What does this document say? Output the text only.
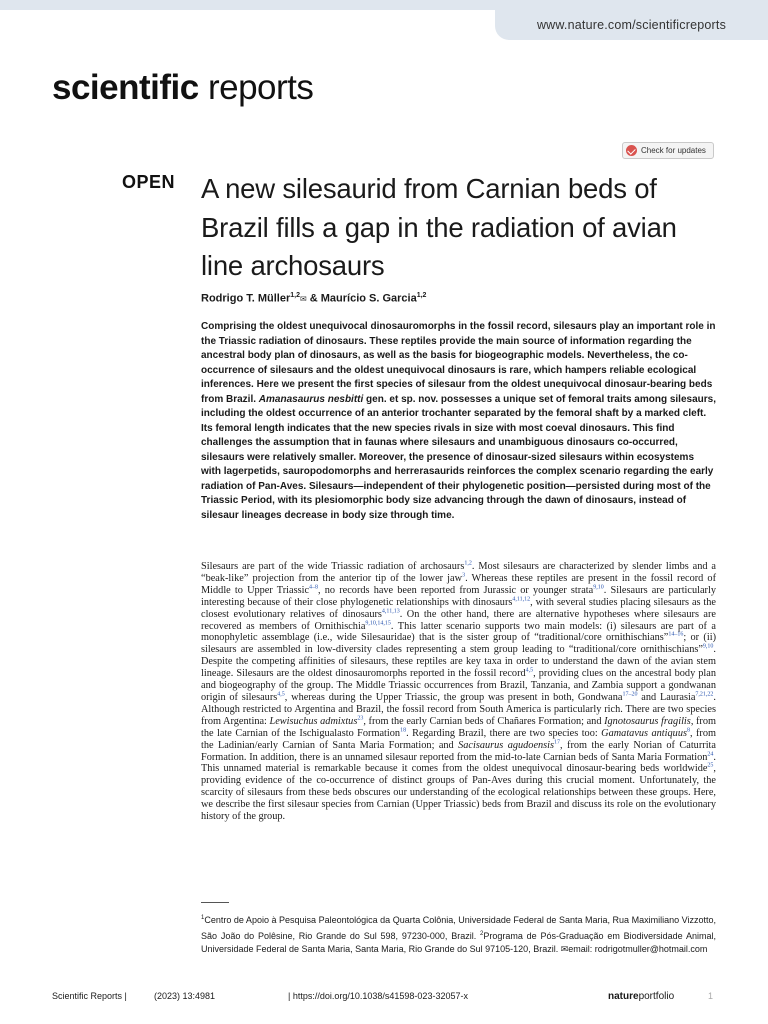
www.nature.com/scientificreports
scientific reports
Check for updates
OPEN A new silesaurid from Carnian beds of Brazil fills a gap in the radiation of avian line archosaurs
Rodrigo T. Müller$^{1,2}$✉ & Maurício S. Garcia$^{1,2}$

Comprising the oldest unequivocal dinosauromorphs in the fossil record, silesaurs play an important role in the Triassic radiation of dinosaurs. These reptiles provide the main source of information regarding the ancestral body plan of dinosaurs, as well as the basis for biogeographic models. Nevertheless, the co-occurrence of silesaurs and the oldest unequivocal dinosaurs is rare, which hampers reliable ecological inferences. Here we present the first species of silesaur from the oldest unequivocal dinosaur-bearing beds from Brazil. Amanasaurus nesbitti gen. et sp. nov. possesses a unique set of femoral traits among silesaurs, including the oldest occurrence of an anterior trochanter separated by the femoral shaft by a marked cleft. Its femoral length indicates that the new species rivals in size with most coeval dinosaurs. This find challenges the assumption that in faunas where silesaurs and unambiguous dinosaurs co-occurred, silesaurs were relatively smaller. Moreover, the presence of dinosaur-sized silesaurs within ecosystems with lagerpetids, sauropodomorphs and herrerasaurids reinforces the complex scenario regarding the early radiation of Pan-Aves. Silesaurs—independent of their phylogenetic position—persisted during most of the Triassic Period, with its plesiomorphic body size advancing through the dawn of dinosaurs, instead of silesaur lineages decrease in body size through time.

Silesaurs are part of the wide Triassic radiation of archosaurs$^{1,2}$. Most silesaurs are characterized by slender limbs and a “beak-like” projection from the anterior tip of the lower jaw$^3$. Whereas these reptiles are present in the fossil record of Middle to Upper Triassic$^{4-8}$, no records have been reported from Jurassic or younger strata$^{9,10}$. Silesaurs are particularly interesting because of their close phylogenetic relationships with dinosaurs$^{4,11,12}$, with several studies placing silesaurs as the closest evolutionary relatives of dinosaurs$^{4,11,13}$. On the other hand, there are alternative hypotheses where silesaurs are recovered as members of Ornithischia$^{9,10,14,15}$. This latter scenario supports two main models: (i) silesaurs are part of a monophyletic assemblage (i.e., wide Silesauridae) that is the sister group of “traditional/core ornithischians”$^{14-16}$; or (ii) silesaurs are assembled in low-diversity clades representing a stem group leading to “traditional/core ornithischians”$^{9,10}$. Despite the competing affinities of silesaurs, these reptiles are key taxa in order to understand the dawn of the avian stem lineage. Silesaurs are the oldest dinosauromorphs reported in the fossil record$^{4,5}$, providing clues on the ancestral body plan and biogeography of the group. The Middle Triassic occurrences from Brazil, Tanzania, and Zambia support a gondwanan origin of silesaurs$^{4,5}$, whereas during the Upper Triassic, the group was present in both, Gondwana$^{17-20}$ and Laurasia$^{7,21,22}$. Although restricted to Argentina and Brazil, the fossil record from South America is particularly rich. There are two species from Argentina: Lewisuchus admixtus$^{23}$, from the early Carnian beds of Chañares Formation; and Ignotosaurus fragilis, from the late Carnian of the Ischigualasto Formation$^{18}$. Regarding Brazil, there are two species too: Gamatavus antiquus$^8$, from the Ladinian/early Carnian of Santa Maria Formation; and Sacisaurus agudoensis$^{17}$, from the early Norian of Caturrita Formation. In addition, there is an unnamed silesaur reported from the mid-to-late Carnian beds of Santa Maria Formation$^{24}$. This unnamed material is remarkable because it comes from the oldest unequivocal dinosaur-bearing beds worldwide$^{25}$, providing evidence of the co-occurrence of distinct groups of Pan-Aves during this crucial moment. Unfortunately, the scarcity of silesaurs from these beds obscures our understanding of the ecological relationships between these groups. Here, we describe the first silesaur species from Carnian (Upper Triassic) beds from Brazil and discuss its role on the evolutionary history of the group.

$^1$Centro de Apoio à Pesquisa Paleontológica da Quarta Colônia, Universidade Federal de Santa Maria, Rua Maximiliano Vizzotto, São João do Polêsine, Rio Grande do Sul 598, 97230-000, Brazil. $^2$Programa de Pós-Graduação em Biodiversidade Animal, Universidade Federal de Santa Maria, Santa Maria, Rio Grande do Sul 97105-120, Brazil. ✉email: rodrigotmuller@hotmail.com

Scientific Reports |	(2023) 13:4981	| https://doi.org/10.1038/s41598-023-32057-x	natureportfolio	1
